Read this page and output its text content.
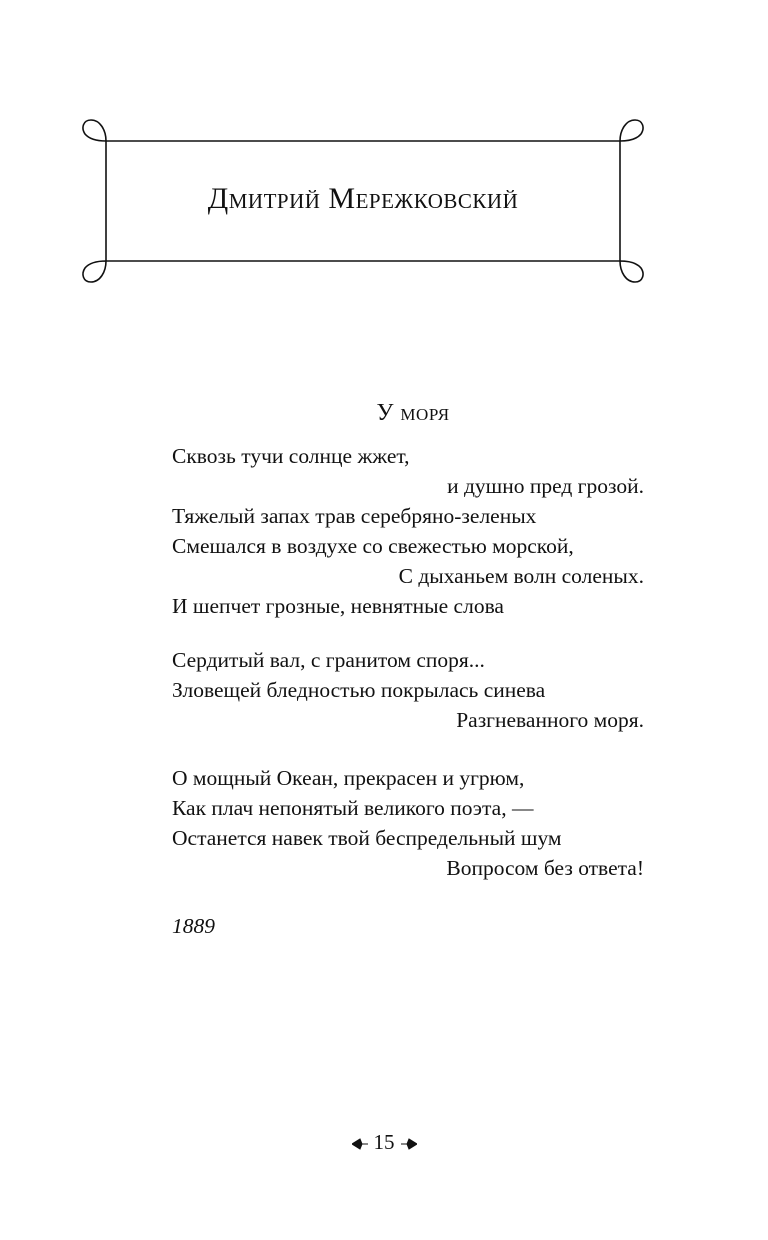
Дмитрий Мережковский
У моря
Сквозь тучи солнце жжет,
и душно пред грозой.
Тяжелый запах трав серебряно-зеленых
Смешался в воздухе со свежестью морской,
С дыханьем волн соленых.
И шепчет грозные, невнятные слова
Сердитый вал, с гранитом споря...
Зловещей бледностью покрылась синева
Разгневанного моря.
О мощный Океан, прекрасен и угрюм,
Как плач непонятый великого поэта, —
Останется навек твой беспредельный шум
Вопросом без ответа!
1889
15
